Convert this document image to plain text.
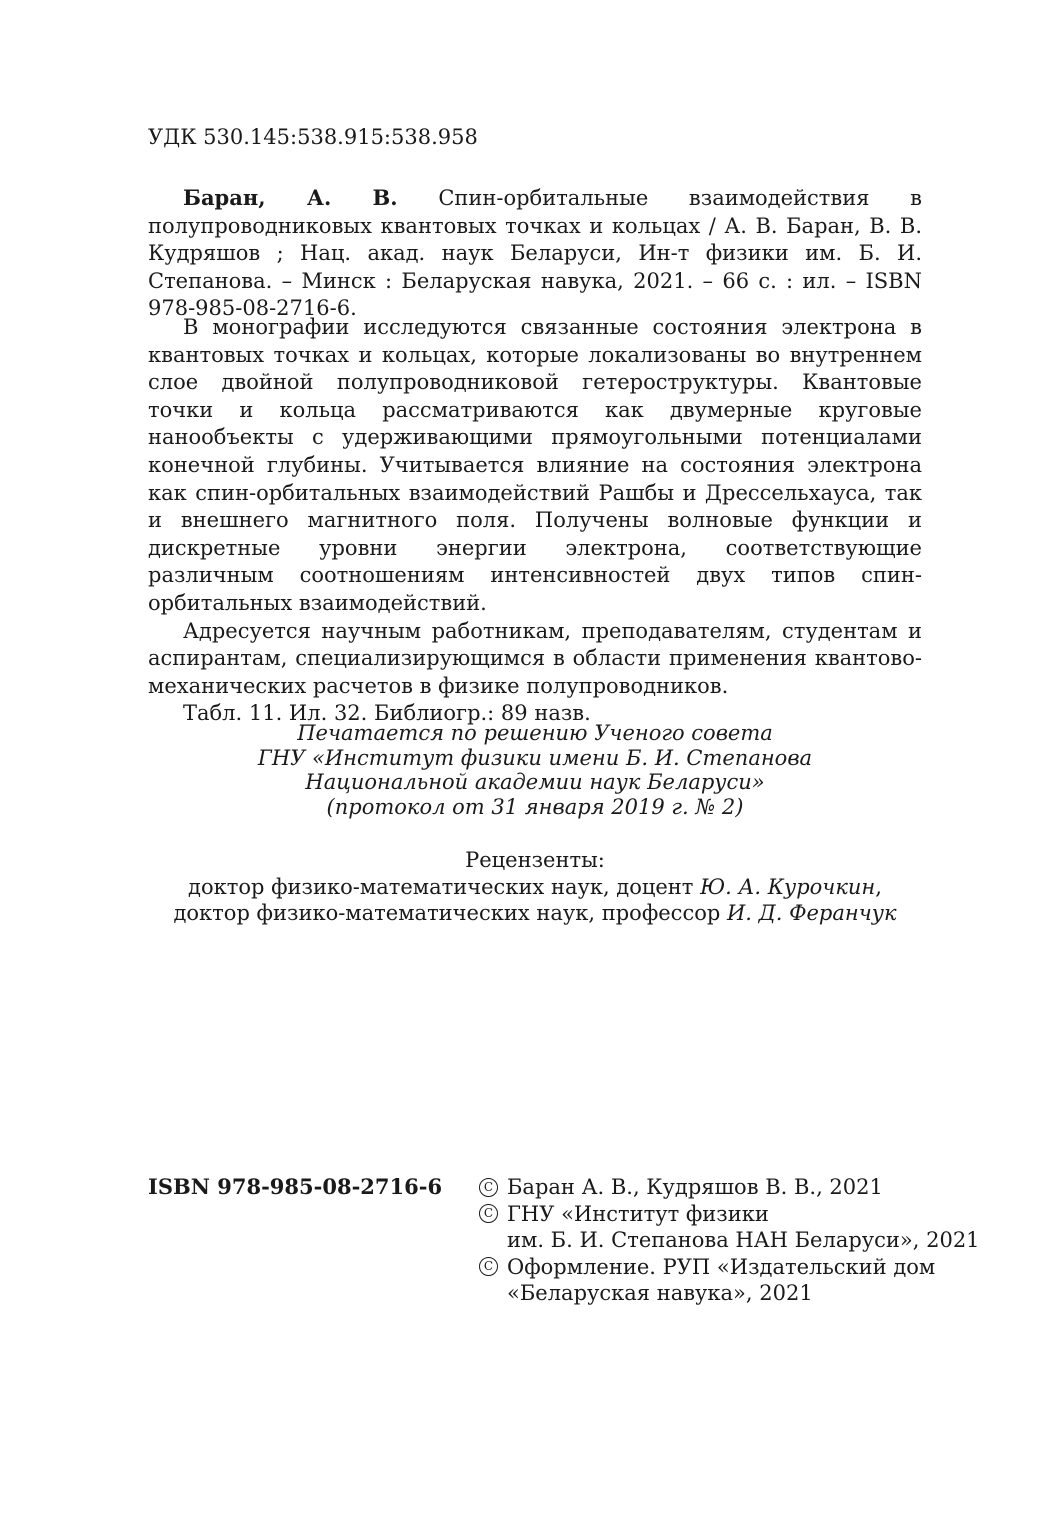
УДК 530.145:538.915:538.958

Баран, А. В. Спин-орбитальные взаимодействия в полупроводниковых квантовых точках и кольцах / А. В. Баран, В. В. Кудряшов ; Нац. акад. наук Беларуси, Ин-т физики им. Б. И. Степанова. – Минск : Беларуская навука, 2021. – 66 с. : ил. – ISBN 978-985-08-2716-6.

В монографии исследуются связанные состояния электрона в квантовых точках и кольцах, которые локализованы во внутреннем слое двойной полупроводниковой гетероструктуры. Квантовые точки и кольца рассматриваются как двумерные круговые нанообъекты с удерживающими прямоугольными потенциалами конечной глубины. Учитывается влияние на состояния электрона как спин-орбитальных взаимодействий Рашбы и Дрессельхауса, так и внешнего магнитного поля. Получены волновые функции и дискретные уровни энергии электрона, соответствующие различным соотношениям интенсивностей двух типов спин-орбитальных взаимодействий.

Адресуется научным работникам, преподавателям, студентам и аспирантам, специализирующимся в области применения квантово-механических расчетов в физике полупроводников.

Табл. 11. Ил. 32. Библиогр.: 89 назв.

Печатается по решению Ученого совета
ГНУ «Институт физики имени Б. И. Степанова
Национальной академии наук Беларуси»
(протокол от 31 января 2019 г. № 2)
Рецензенты:
доктор физико-математических наук, доцент Ю. А. Курочкин,
доктор физико-математических наук, профессор И. Д. Феранчук
ISBN 978-985-08-2716-6	C Баран А. В., Кудряшов В. В., 2021
C ГНУ «Институт физики
им. Б. И. Степанова НАН Беларуси», 2021
C Оформление. РУП «Издательский дом
«Беларуская навука», 2021
